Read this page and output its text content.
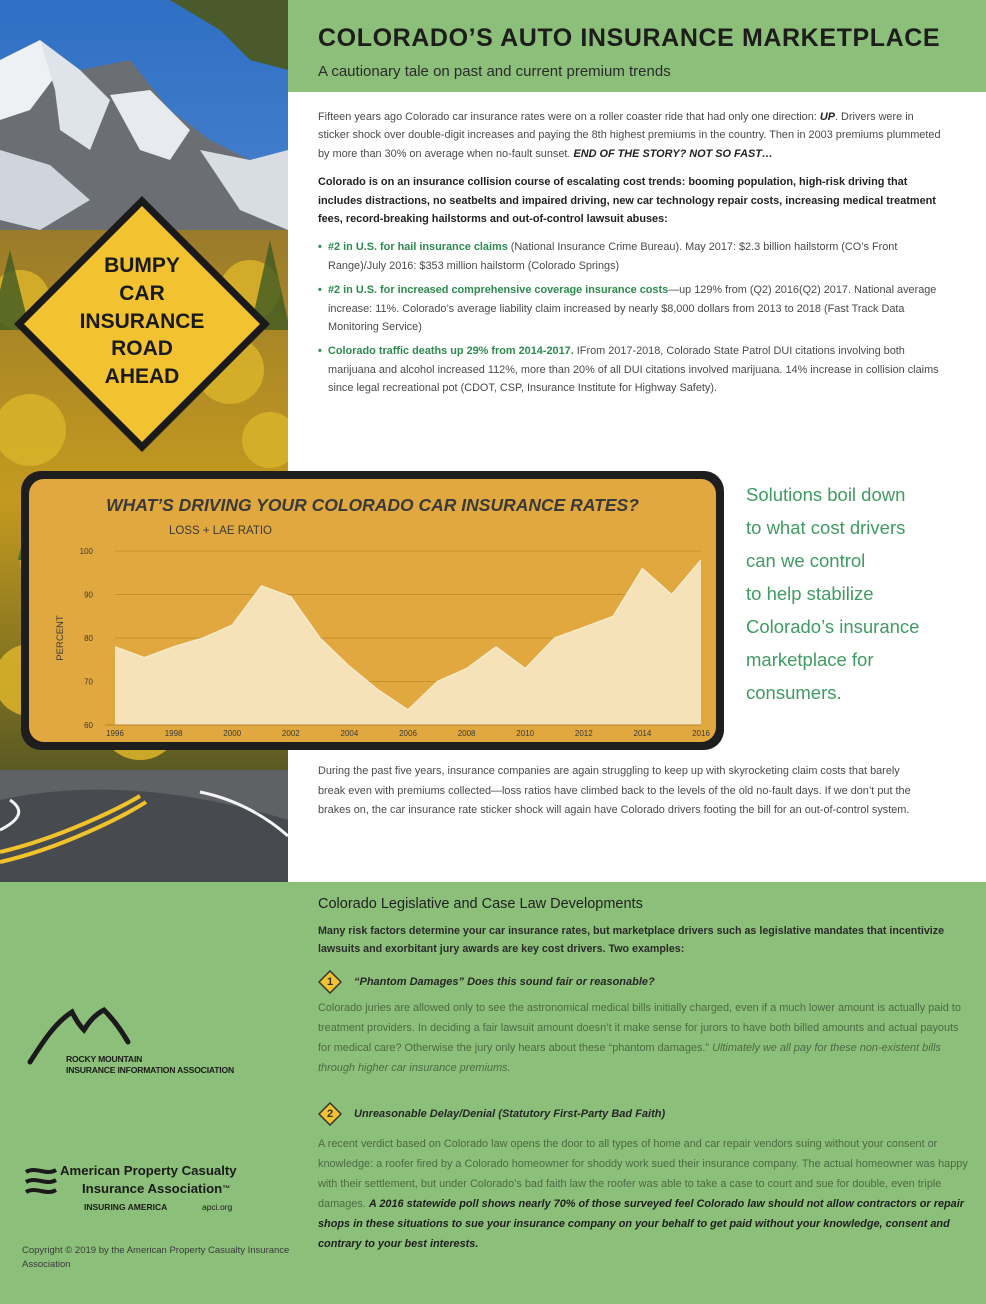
BUMPY
CAR
INSURANCE
ROAD
AHEAD
COLORADO’S AUTO INSURANCE MARKETPLACE
A cautionary tale on past and current premium trends

Fifteen years ago Colorado car insurance rates were on a roller coaster ride that had only one direction: UP. Drivers were in sticker shock over double-digit increases and paying the 8th highest premiums in the country. Then in 2003 premiums plummeted by more than 30% on average when no-fault sunset. END OF THE STORY? NOT SO FAST…

Colorado is on an insurance collision course of escalating cost trends: booming population, high-risk driving that includes distractions, no seatbelts and impaired driving, new car technology repair costs, increasing medical treatment fees, record-breaking hailstorms and out-of-control lawsuit abuses:

• #2 in U.S. for hail insurance claims (National Insurance Crime Bureau). May 2017: $2.3 billion hailstorm (CO’s Front Range)/July 2016: $353 million hailstorm (Colorado Springs)
• #2 in U.S. for increased comprehensive coverage insurance costs—up 129% from (Q2) 2016(Q2) 2017. National average increase: 11%. Colorado’s average liability claim increased by nearly $8,000 dollars from 2013 to 2018 (Fast Track Data Monitoring Service)
• Colorado traffic deaths up 29% from 2014-2017. IFrom 2017-2018, Colorado State Patrol DUI citations involving both marijuana and alcohol increased 112%, more than 20% of all DUI citations involved marijuana. 14% increase in collision claims since legal recreational pot (CDOT, CSP, Insurance Institute for Highway Safety).
60
70
80
90
100
1996	1998	2000	2002	2004	2006	2008	2010	2012	2014	2016
PERCENT
WHAT’S DRIVING YOUR COLORADO CAR INSURANCE RATES?
LOSS + LAE RATIO
Solutions boil down
to what cost drivers
can we control
to help stabilize
Colorado’s insurance
marketplace for
consumers.

During the past five years, insurance companies are again struggling to keep up with skyrocketing claim costs that barely break even with premiums collected—loss ratios have climbed back to the levels of the old no-fault days. If we don’t put the brakes on, the car insurance rate sticker shock will again have Colorado drivers footing the bill for an out-of-control system.

Colorado Legislative and Case Law Developments

Many risk factors determine your car insurance rates, but marketplace drivers such as legislative mandates that incentivize lawsuits and exorbitant jury awards are key cost drivers. Two examples:

1	“Phantom Damages” Does this sound fair or reasonable?

Colorado juries are allowed only to see the astronomical medical bills initially charged, even if a much lower amount is actually paid to treatment providers. In deciding a fair lawsuit amount doesn’t it make sense for jurors to have both billed amounts and actual payouts for medical care? Otherwise the jury only hears about these “phantom damages.” Ultimately we all pay for these non-existent bills through higher car insurance premiums.

2	Unreasonable Delay/Denial (Statutory First-Party Bad Faith)

A recent verdict based on Colorado law opens the door to all types of home and car repair vendors suing without your consent or knowledge: a roofer fired by a Colorado homeowner for shoddy work sued their insurance company. The actual homeowner was happy with their settlement, but under Colorado’s bad faith law the roofer was able to take a case to court and sue for double, even triple damages. A 2016 statewide poll shows nearly 70% of those surveyed feel Colorado law should not allow contractors or repair shops in these situations to sue your insurance company on your behalf to get paid without your knowledge, consent and contrary to your best interests.

ROCKY MOUNTAIN
INSURANCE INFORMATION ASSOCIATION
American Property Casualty
Insurance Association™
INSURING AMERICA	apci.org
Copyright © 2019 by the American Property Casualty Insurance Association
